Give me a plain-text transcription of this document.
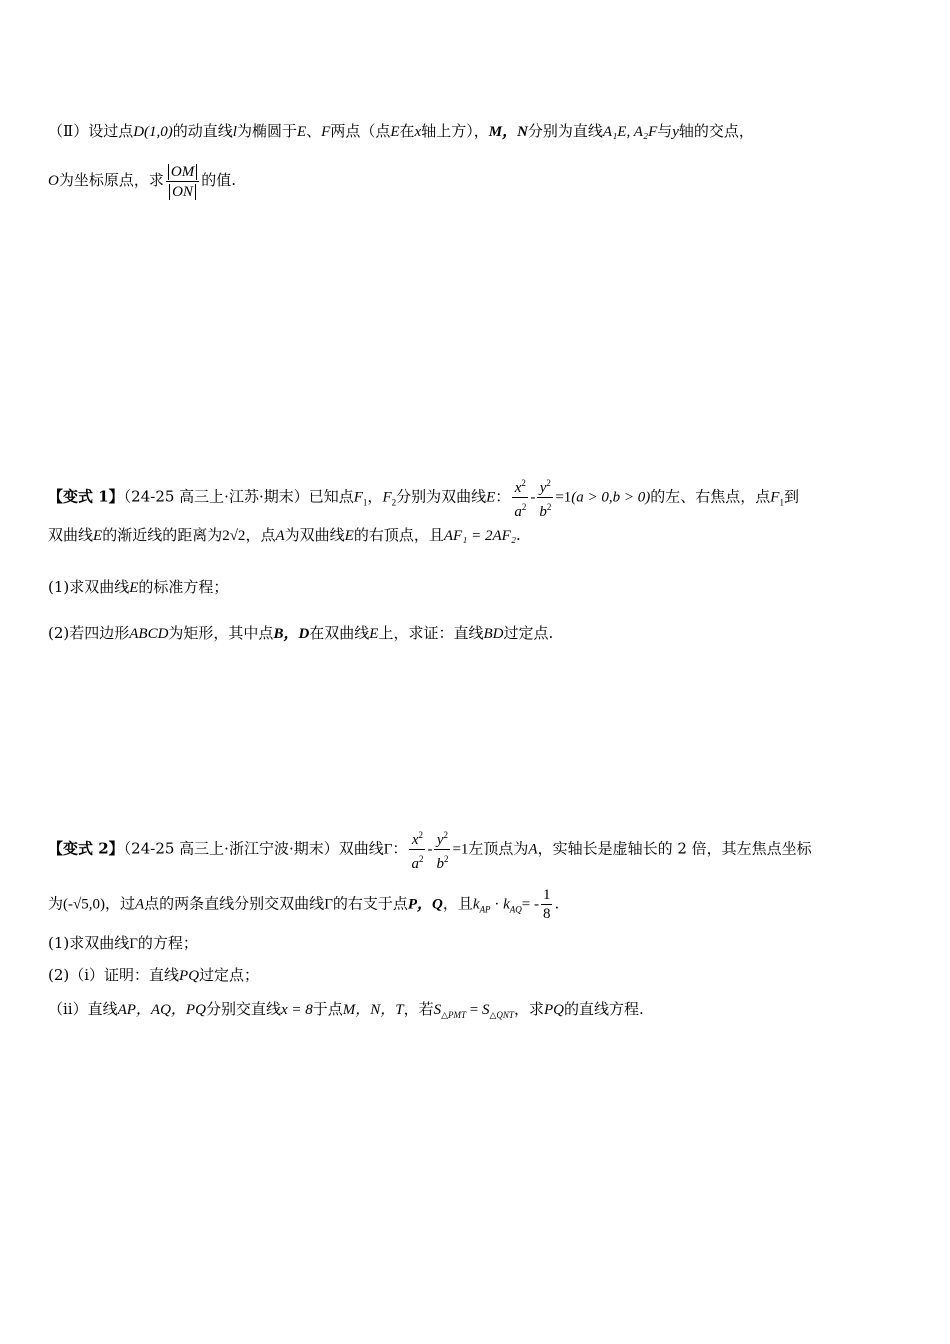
（Ⅱ）设过点D(1,0)的动直线l为椭圆于E、F两点（点E在x轴上方），M，N分别为直线A₁E, A₂F与y轴的交点，
O为坐标原点，求 $\frac{OM}{ON}$ 的值.
【变式 1】（24-25 高三上·江苏·期末）已知点$F_1$，$F_2$分别为双曲线E： $\frac{x^2}{a^2} - \frac{y^2}{b^2} =1(a > 0,b > 0)$的左、右焦点，点$F_1$到
双曲线E的渐近线的距离为2√2，点A为双曲线E的右顶点，且AF₁ = 2AF₂.
(1)求双曲线E的标准方程；
(2)若四边形ABCD为矩形，其中点B，D在双曲线E上，求证：直线BD过定点.
【变式 2】（24-25 高三上·浙江宁波·期末）双曲线Γ： $\frac{x^2}{a^2} - \frac{y^2}{b^2} =1$左顶点为A，实轴长是虚轴长的 2 倍，其左焦点坐标
为(-√5,0)，过A点的两条直线分别交双曲线Γ的右支于点P，Q，且$k_{AP} \cdot k_{AQ}= - \frac{1}{8}$ .
(1)求双曲线Γ的方程；
(2)（ⅰ）证明：直线PQ过定点；
（ⅱ）直线AP，AQ，PQ分别交直线x = 8于点M，N，T，若$S_{\triangle PMT} = S_{\triangle QNT}$，求PQ的直线方程.
